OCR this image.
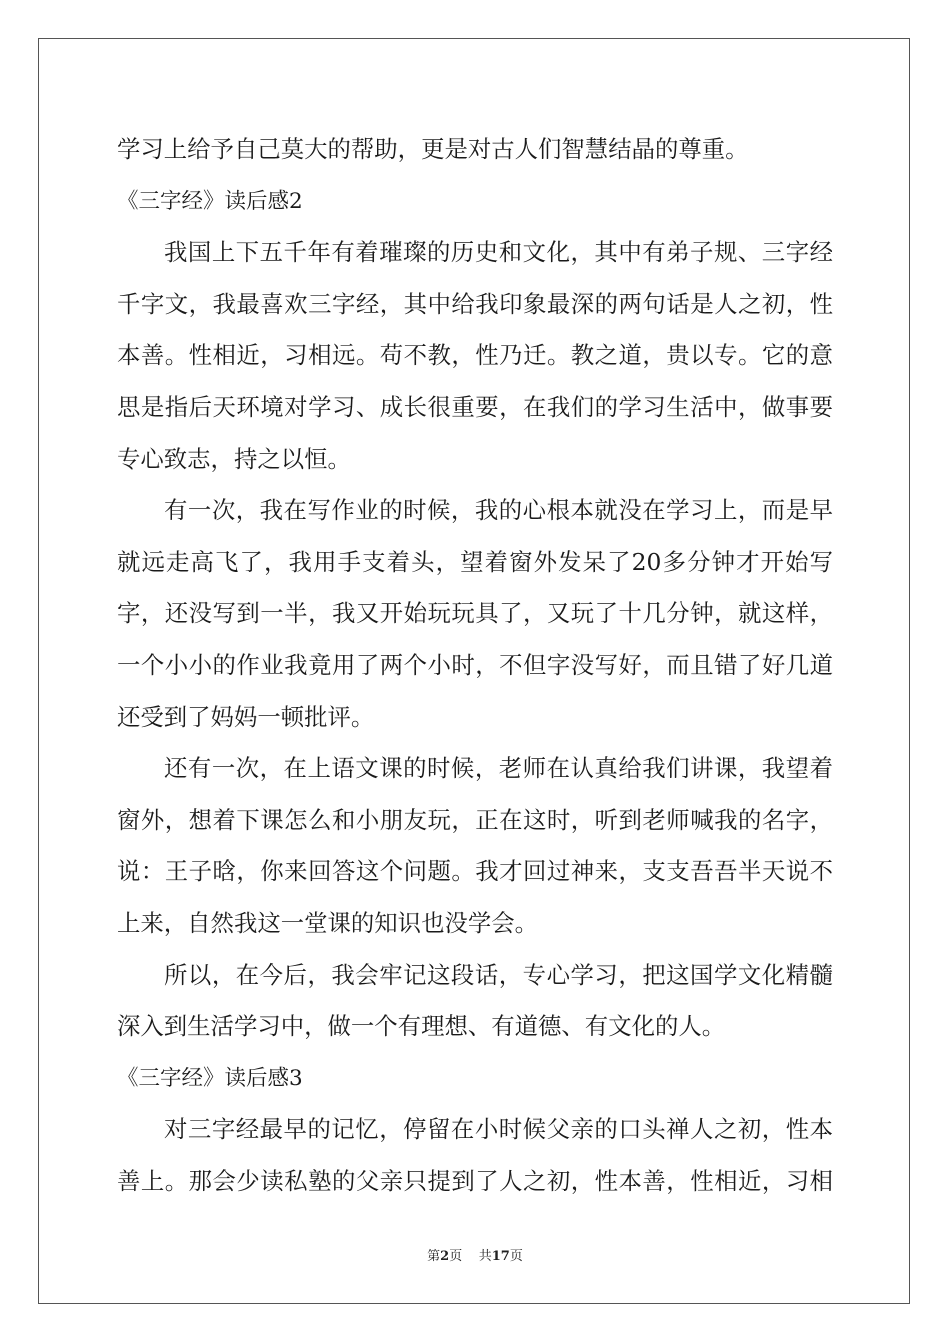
学习上给予自己莫大的帮助，更是对古人们智慧结晶的尊重。
《三字经》读后感2
我国上下五千年有着璀璨的历史和文化，其中有弟子规、三字经
千字文，我最喜欢三字经，其中给我印象最深的两句话是人之初，性
本善。性相近，习相远。苟不教，性乃迁。教之道，贵以专。它的意
思是指后天环境对学习、成长很重要，在我们的学习生活中，做事要
专心致志，持之以恒。
有一次，我在写作业的时候，我的心根本就没在学习上，而是早
就远走高飞了，我用手支着头，望着窗外发呆了20多分钟才开始写
字，还没写到一半，我又开始玩玩具了，又玩了十几分钟，就这样，
一个小小的作业我竟用了两个小时，不但字没写好，而且错了好几道
还受到了妈妈一顿批评。
还有一次，在上语文课的时候，老师在认真给我们讲课，我望着
窗外，想着下课怎么和小朋友玩，正在这时，听到老师喊我的名字，
说：王子晗，你来回答这个问题。我才回过神来，支支吾吾半天说不
上来，自然我这一堂课的知识也没学会。
所以，在今后，我会牢记这段话，专心学习，把这国学文化精髓
深入到生活学习中，做一个有理想、有道德、有文化的人。
《三字经》读后感3
对三字经最早的记忆，停留在小时候父亲的口头禅人之初，性本
善上。那会少读私塾的父亲只提到了人之初，性本善，性相近，习相
第2页 共17页
